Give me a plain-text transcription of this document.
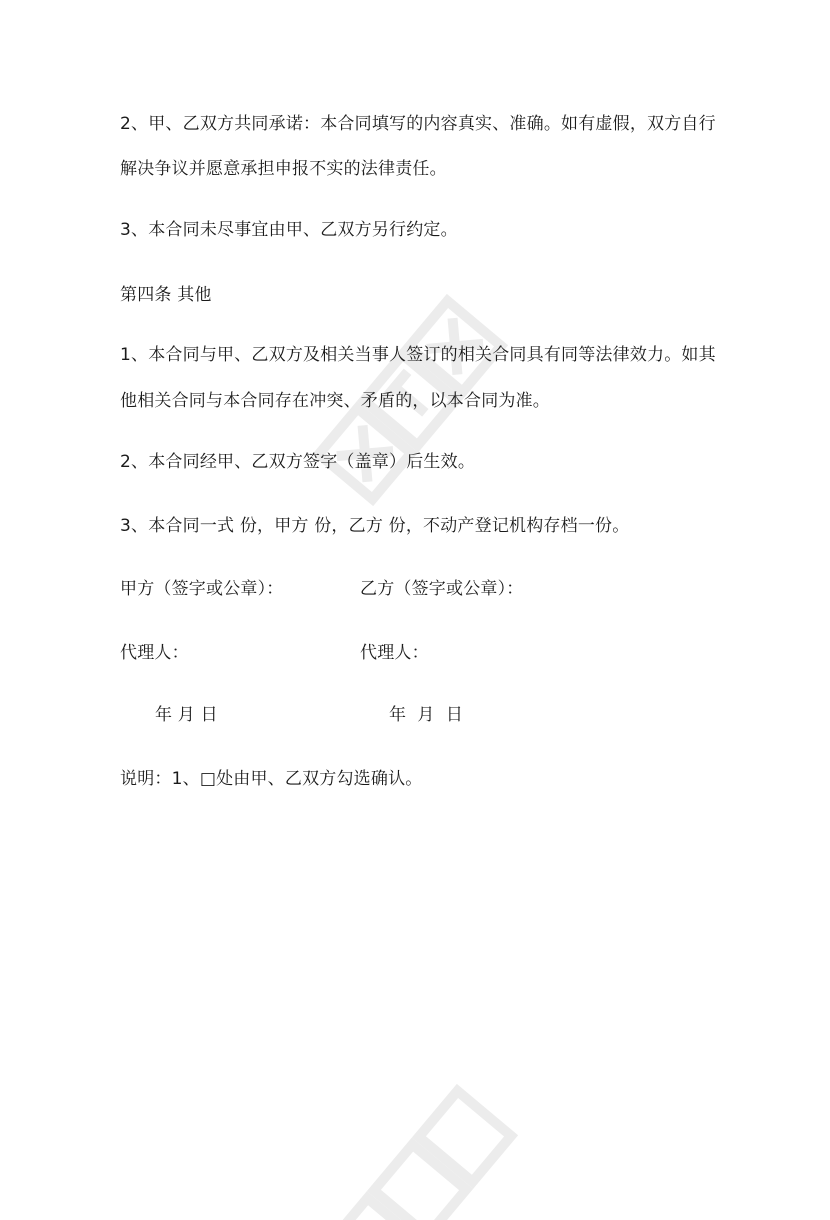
2、甲、乙双方共同承诺：本合同填写的内容真实、准确。如有虚假，双方自行
解决争议并愿意承担申报不实的法律责任。
3、本合同未尽事宜由甲、乙双方另行约定。
第四条 其他
1、本合同与甲、乙双方及相关当事人签订的相关合同具有同等法律效力。如其
他相关合同与本合同存在冲突、矛盾的，以本合同为准。
2、本合同经甲、乙双方签字（盖章）后生效。
3、本合同一式 份，甲方 份，乙方 份，不动产登记机构存档一份。
甲方（签字或公章）：	乙方（签字或公章）：
代理人：	代理人：
年 月 日	年  月  日
说明：1、□处由甲、乙双方勾选确认。
